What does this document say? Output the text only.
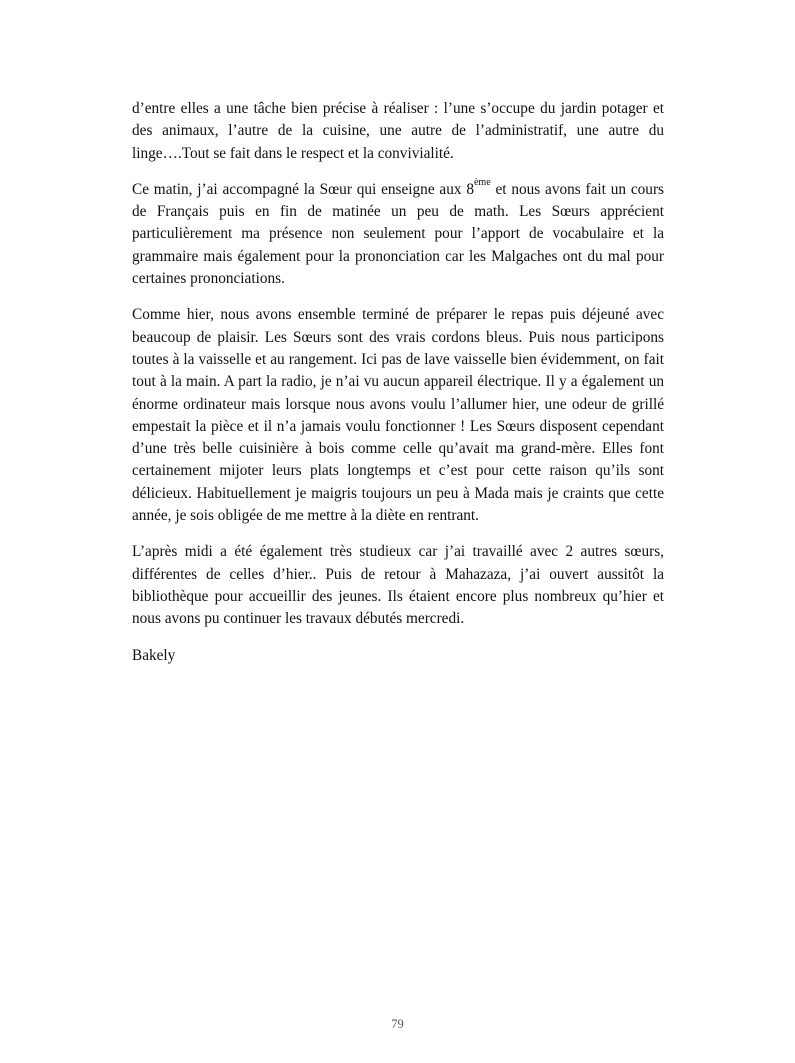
d’entre elles a une tâche bien précise à réaliser : l’une s’occupe du jardin potager et des animaux, l’autre de la cuisine, une autre de l’administratif, une autre du linge….Tout se fait dans le respect et la convivialité.

Ce matin, j’ai accompagné la Sœur qui enseigne aux 8ème et nous avons fait un cours de Français puis en fin de matinée un peu de math. Les Sœurs apprécient particulièrement ma présence non seulement pour l’apport de vocabulaire et la grammaire mais également pour la prononciation car les Malgaches ont du mal pour certaines prononciations.

Comme hier, nous avons ensemble terminé de préparer le repas puis déjeuné avec beaucoup de plaisir. Les Sœurs sont des vrais cordons bleus. Puis nous participons toutes à la vaisselle et au rangement. Ici pas de lave vaisselle bien évidemment, on fait tout à la main. A part la radio, je n’ai vu aucun appareil électrique. Il y a également un énorme ordinateur mais lorsque nous avons voulu l’allumer hier, une odeur de grillé empestait la pièce et il n’a jamais voulu fonctionner ! Les Sœurs disposent cependant d’une très belle cuisinière à bois comme celle qu’avait ma grand-mère. Elles font certainement mijoter leurs plats longtemps et c’est pour cette raison qu’ils sont délicieux. Habituellement je maigris toujours un peu à Mada mais je craints que cette année, je sois obligée de me mettre à la diète en rentrant.

L’après midi a été également très studieux car j’ai travaillé avec 2 autres sœurs, différentes de celles d’hier.. Puis de retour à Mahazaza, j’ai ouvert aussitôt la bibliothèque pour accueillir des jeunes. Ils étaient encore plus nombreux qu’hier et nous avons pu continuer les travaux débutés mercredi.

Bakely

79
